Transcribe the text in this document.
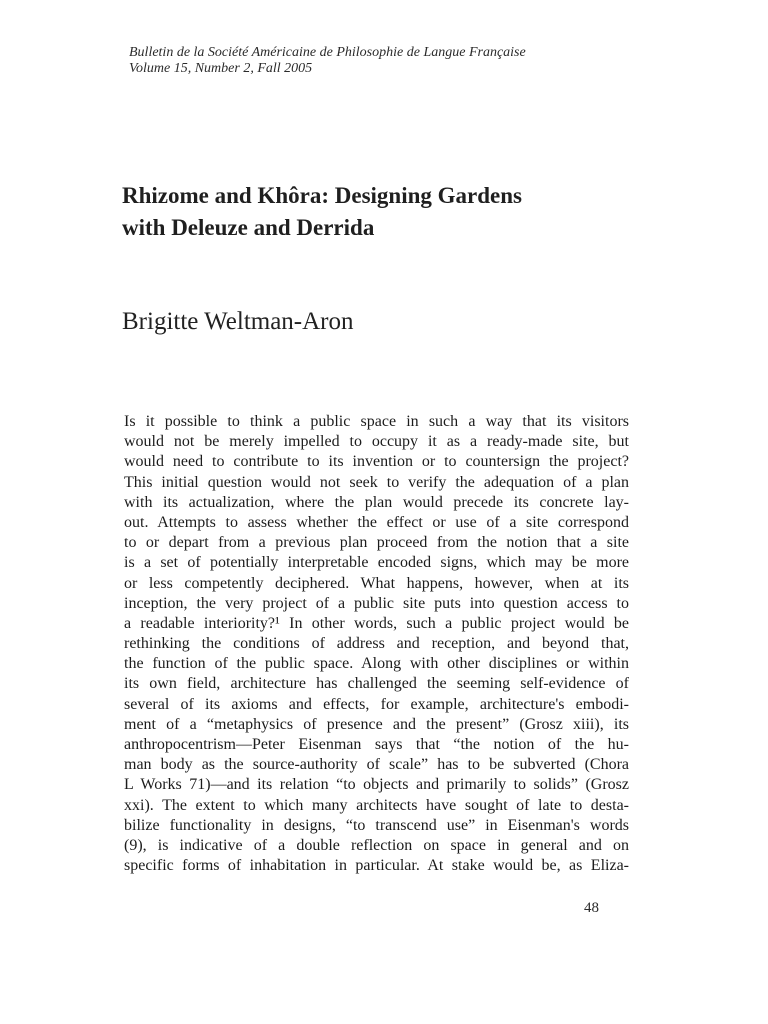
Bulletin de la Société Américaine de Philosophie de Langue Française
Volume 15, Number 2, Fall 2005
Rhizome and Khôra: Designing Gardens
with Deleuze and Derrida
Brigitte Weltman-Aron
Is it possible to think a public space in such a way that its visitors
would not be merely impelled to occupy it as a ready-made site, but
would need to contribute to its invention or to countersign the project?
This initial question would not seek to verify the adequation of a plan
with its actualization, where the plan would precede its concrete lay-
out. Attempts to assess whether the effect or use of a site correspond
to or depart from a previous plan proceed from the notion that a site
is a set of potentially interpretable encoded signs, which may be more
or less competently deciphered. What happens, however, when at its
inception, the very project of a public site puts into question access to
a readable interiority?¹ In other words, such a public project would be
rethinking the conditions of address and reception, and beyond that,
the function of the public space. Along with other disciplines or within
its own field, architecture has challenged the seeming self-evidence of
several of its axioms and effects, for example, architecture's embodi-
ment of a “metaphysics of presence and the present” (Grosz xiii), its
anthropocentrism—Peter Eisenman says that “the notion of the hu-
man body as the source-authority of scale” has to be subverted (Chora
L Works 71)—and its relation “to objects and primarily to solids” (Grosz
xxi). The extent to which many architects have sought of late to desta-
bilize functionality in designs, “to transcend use” in Eisenman's words
(9), is indicative of a double reflection on space in general and on
specific forms of inhabitation in particular. At stake would be, as Eliza-
48
